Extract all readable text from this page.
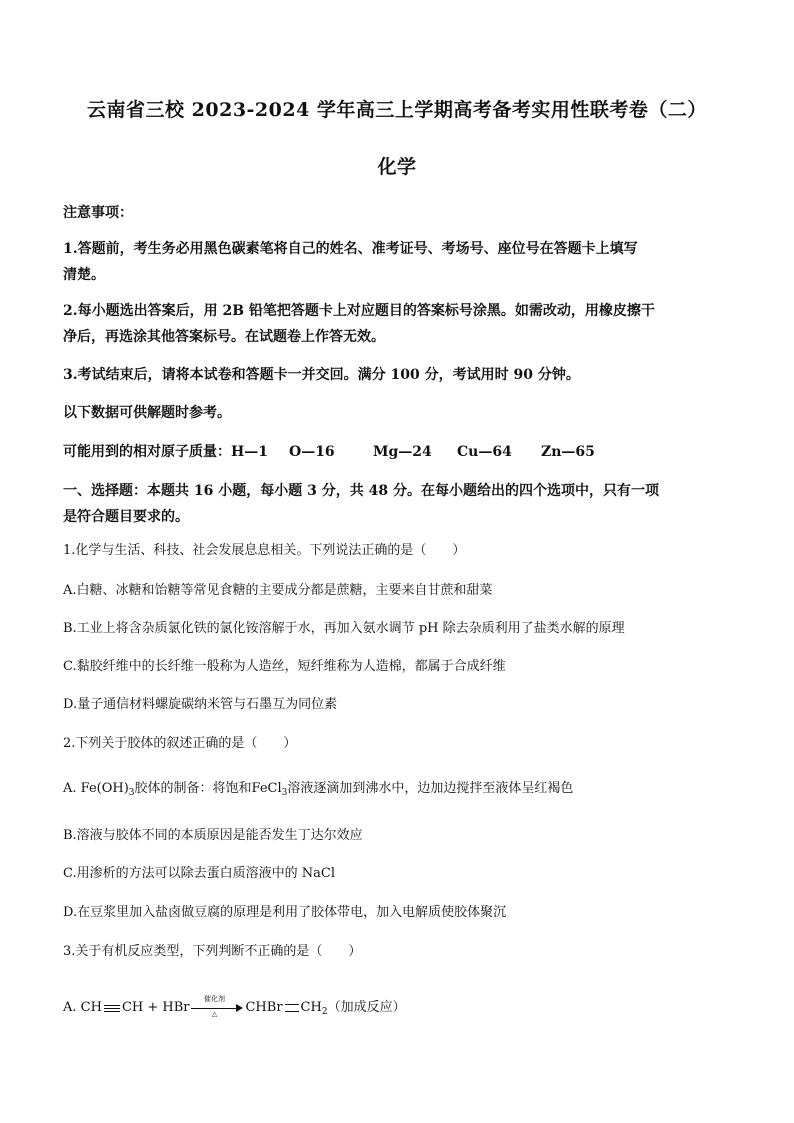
云南省三校 2023-2024 学年高三上学期高考备考实用性联考卷（二）
化学
注意事项：
1.答题前，考生务必用黑色碳素笔将自己的姓名、准考证号、考场号、座位号在答题卡上填写
清楚。
2.每小题选出答案后，用 2B 铅笔把答题卡上对应题目的答案标号涂黑。如需改动，用橡皮擦干
净后，再选涂其他答案标号。在试题卷上作答无效。
3.考试结束后，请将本试卷和答题卡一并交回。满分 100 分，考试用时 90 分钟。
以下数据可供解题时参考。
可能用到的相对原子质量：H—1 O—16	Mg—24 Cu—64 Zn—65
一、选择题：本题共 16 小题，每小题 3 分，共 48 分。在每小题给出的四个选项中，只有一项
是符合题目要求的。
1.化学与生活、科技、社会发展息息相关。下列说法正确的是（　　）
A.白糖、冰糖和饴糖等常见食糖的主要成分都是蔗糖，主要来自甘蔗和甜菜
B.工业上将含杂质氯化铁的氯化铵溶解于水，再加入氨水调节 pH 除去杂质利用了盐类水解的原理
C.黏胶纤维中的长纤维一般称为人造丝，短纤维称为人造棉，都属于合成纤维
D.量子通信材料螺旋碳纳米管与石墨互为同位素
2.下列关于胶体的叙述正确的是（　　）
A. $Fe(OH)_3$胶体的制备：将饱和FeCl$_3$溶液逐滴加到沸水中，边加边搅拌至液体呈红褐色
B.溶液与胶体不同的本质原因是能否发生丁达尔效应
C.用渗析的方法可以除去蛋白质溶液中的 NaCl
D.在豆浆里加入盐卤做豆腐的原理是利用了胶体带电，加入电解质使胶体聚沉
3.关于有机反应类型，下列判断不正确的是（　　）
A. CH CH + HBr
催化剂
△	CHBr $CH_2$（加成反应）
